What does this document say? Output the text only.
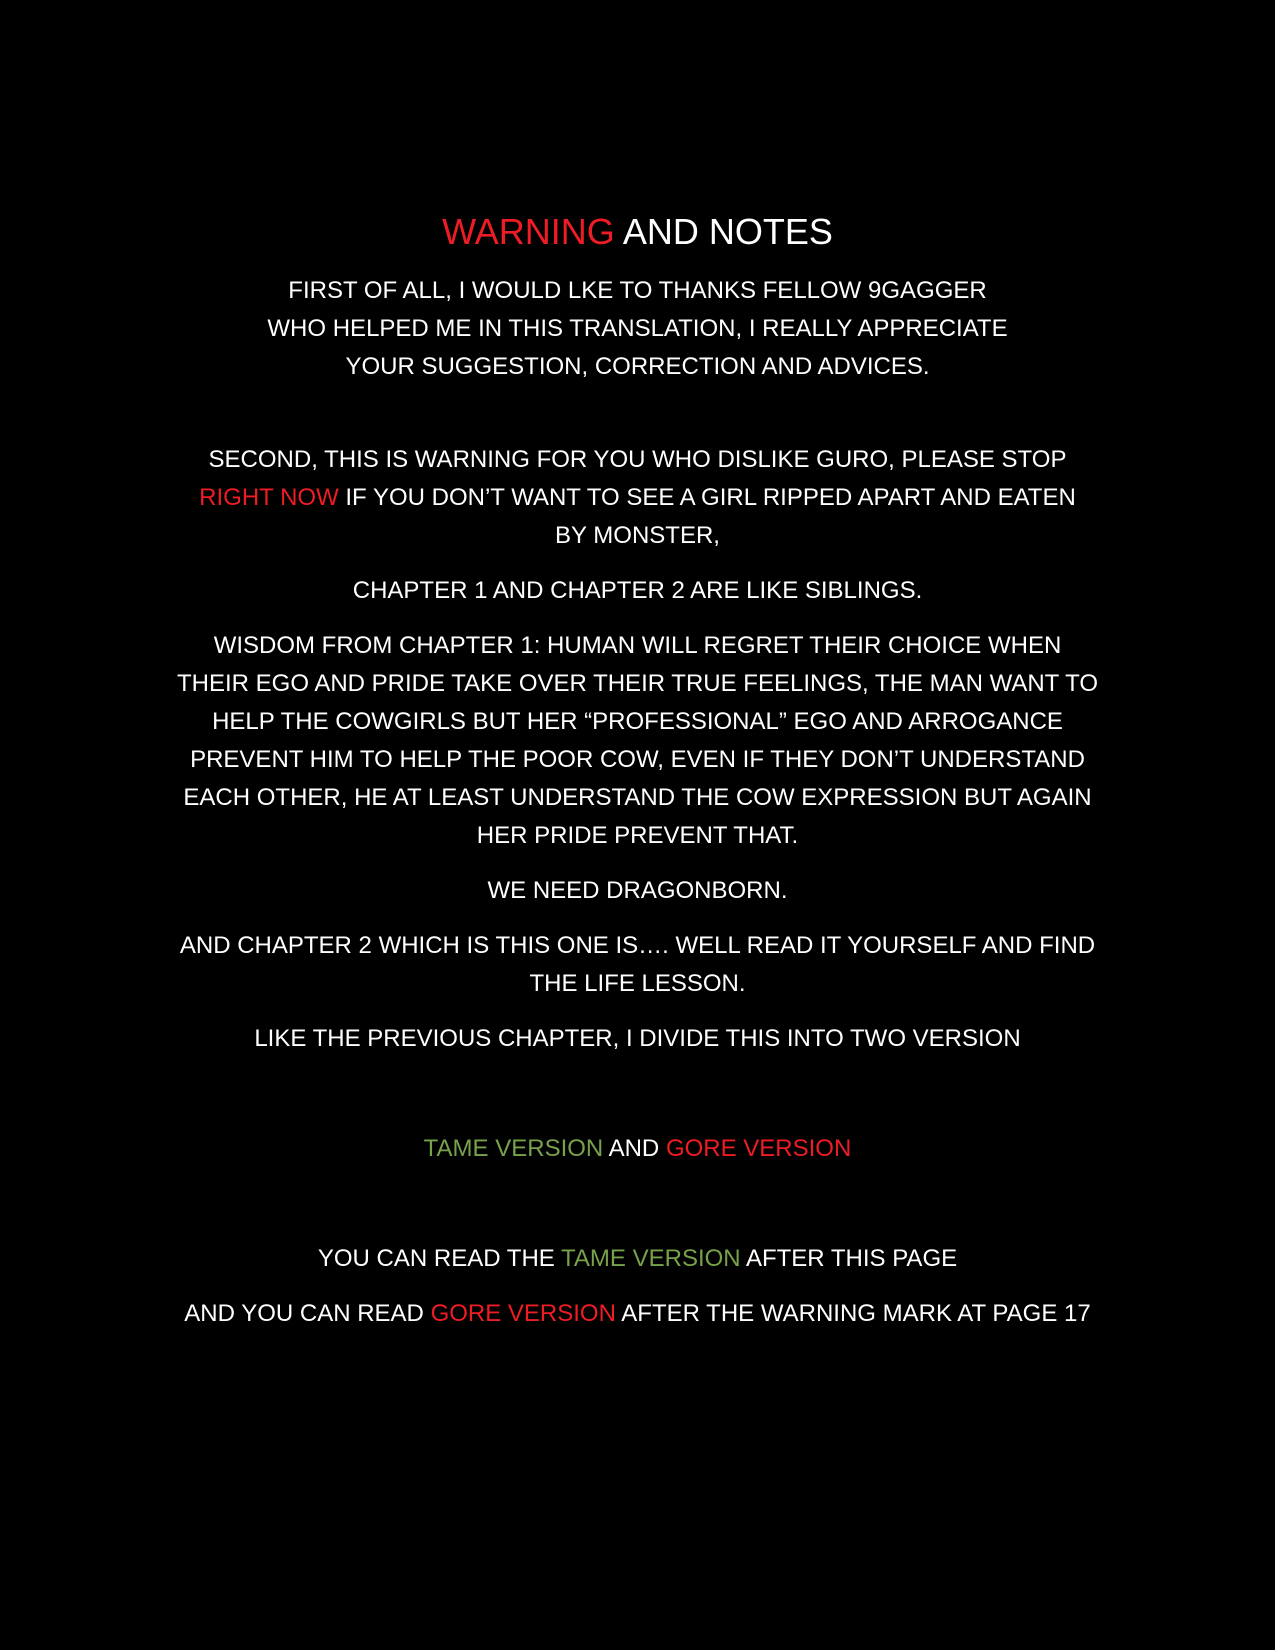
WARNING AND NOTES

FIRST OF ALL, I WOULD LKE TO THANKS FELLOW 9GAGGER
WHO HELPED ME IN THIS TRANSLATION, I REALLY APPRECIATE
YOUR SUGGESTION, CORRECTION AND ADVICES.

SECOND, THIS IS WARNING FOR YOU WHO DISLIKE GURO, PLEASE STOP
RIGHT NOW IF YOU DON’T WANT TO SEE A GIRL RIPPED APART AND EATEN
BY MONSTER,

CHAPTER 1 AND CHAPTER 2 ARE LIKE SIBLINGS.

WISDOM FROM CHAPTER 1: HUMAN WILL REGRET THEIR CHOICE WHEN
THEIR EGO AND PRIDE TAKE OVER THEIR TRUE FEELINGS, THE MAN WANT TO
HELP THE COWGIRLS BUT HER “PROFESSIONAL” EGO AND ARROGANCE
PREVENT HIM TO HELP THE POOR COW, EVEN IF THEY DON’T UNDERSTAND
EACH OTHER, HE AT LEAST UNDERSTAND THE COW EXPRESSION BUT AGAIN
HER PRIDE PREVENT THAT.

WE NEED DRAGONBORN.

AND CHAPTER 2 WHICH IS THIS ONE IS…. WELL READ IT YOURSELF AND FIND
THE LIFE LESSON.

LIKE THE PREVIOUS CHAPTER, I DIVIDE THIS INTO TWO VERSION

TAME VERSION AND GORE VERSION

YOU CAN READ THE TAME VERSION AFTER THIS PAGE

AND YOU CAN READ GORE VERSION AFTER THE WARNING MARK AT PAGE 17
